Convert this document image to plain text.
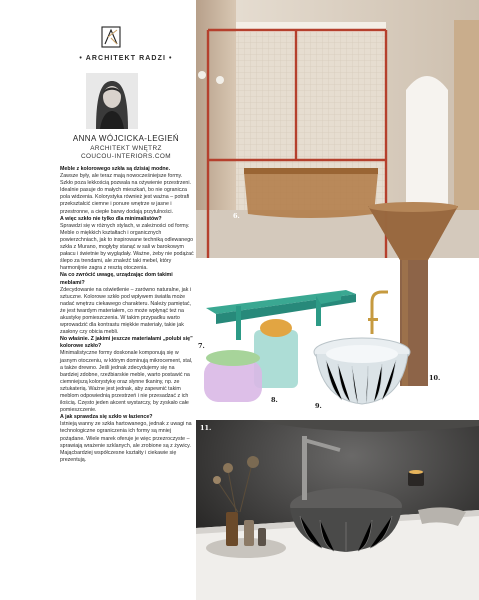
• ARCHITEKT RADZI •
ANNA WÓJCICKA-LEGIEŃ
ARCHITEKT WNĘTRZ
COUCOU-INTERIORS.COM

Meble z kolorowego szkła są dzisiaj modne.

Zawsze były, ale teraz mają nowocześniejsze formy. Szkło poza lekkością pozwala na ożywienie przestrzeni. Idealnie pasuje do małych mieszkań, bo nie ogranicza pola widzenia. Kolorystyka również jest ważna – potrafi przekształcić ciemne i ponure wnętrze w jasne i przestronne, a ciepłe barwy dodają przytulności.

A więc szkło nie tylko dla minimalistów?

Sprawdzi się w różnych stylach, w zależności od formy. Meble o miękkich kształtach i organicznych powierzchniach, jak to inspirowane techniką odlewanego szkła z Murano, mogłyby stanąć w sali w barokowym pałacu i świetnie by wyglądały. Ważne, żeby nie podążać ślepo za trendami, ale znaleźć taki mebel, który harmonijnie zagra z resztą otoczenia.

Na co zwrócić uwagę, urządzając dom takimi meblami?

Zdecydowanie na oświetlenie – zarówno naturalne, jak i sztuczne. Kolorowe szkło pod wpływem światła może nadać wnętrzu ciekawego charakteru. Należy pamiętać, że jest twardym materiałem, co może wpłynąć też na akustykę pomieszczenia. W takim przypadku warto wprowadzić dla kontrastu miękkie materiały, takie jak zasłony czy obicia mebli.

No właśnie. Z jakimi jeszcze materiałami „polubi się” kolorowe szkło?

Minimalistyczne formy doskonale komponują się w jasnym otoczeniu, w którym dominują mikrocement, stal, a także drewno. Jeśli jednak zdecydujemy się na bardziej zdobne, rzeźbiarskie meble, warto postawić na ciemniejszą kolorystykę oraz słynne tkaniny, np. ze sztukaterią. Ważne jest jednak, aby zapewnić takim meblom odpowiednią przestrzeń i nie przesadzać z ich ilością. Często jeden akcent wystarczy, by zyskało całe pomieszczenie.

A jak sprawdza się szkło w łazience?

Istnieją wanny ze szkła hartowanego, jednak z uwagi na technologiczne ograniczenia ich formy są mniej pożądane. Wiele marek oferuje je więc przezroczyste – sprawiają wrażenie szklanych, ale zrobione są z żywicy. Mającbardziej współczesne kształty i ciekawie się prezentują.

6.
10.
7.
8.
9.
11.
